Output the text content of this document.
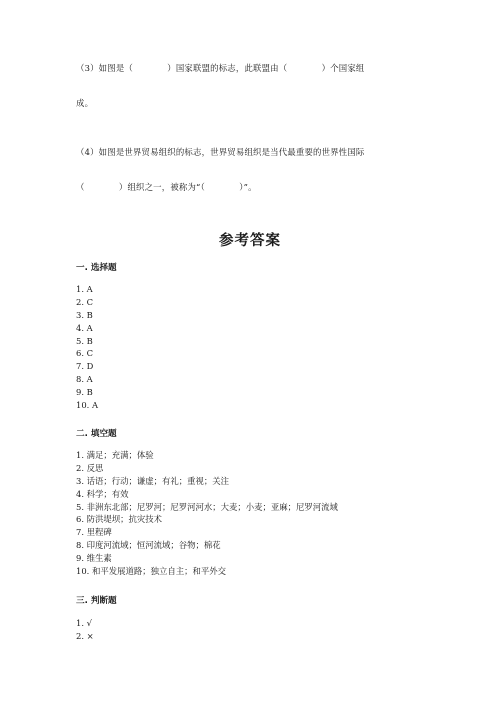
（3）如图是（　　　　）国家联盟的标志，此联盟由（　　　　）个国家组
成。
（4）如图是世界贸易组织的标志，世界贸易组织是当代最重要的世界性国际
（　　　　）组织之一，被称为“（　　　　）”。
参考答案
一. 选择题
1. A
2. C
3. B
4. A
5. B
6. C
7. D
8. A
9. B
10. A
二. 填空题
1. 满足；充满；体验
2. 反思
3. 话语；行动；谦虚；有礼；重视；关注
4. 科学；有效
5. 非洲东北部；尼罗河；尼罗河河水；大麦；小麦；亚麻；尼罗河流域
6. 防洪堤坝；抗灾技术
7. 里程碑
8. 印度河流域；恒河流域；谷物；棉花
9. 维生素
10. 和平发展道路；独立自主；和平外交
三. 判断题
1. √
2. ×
